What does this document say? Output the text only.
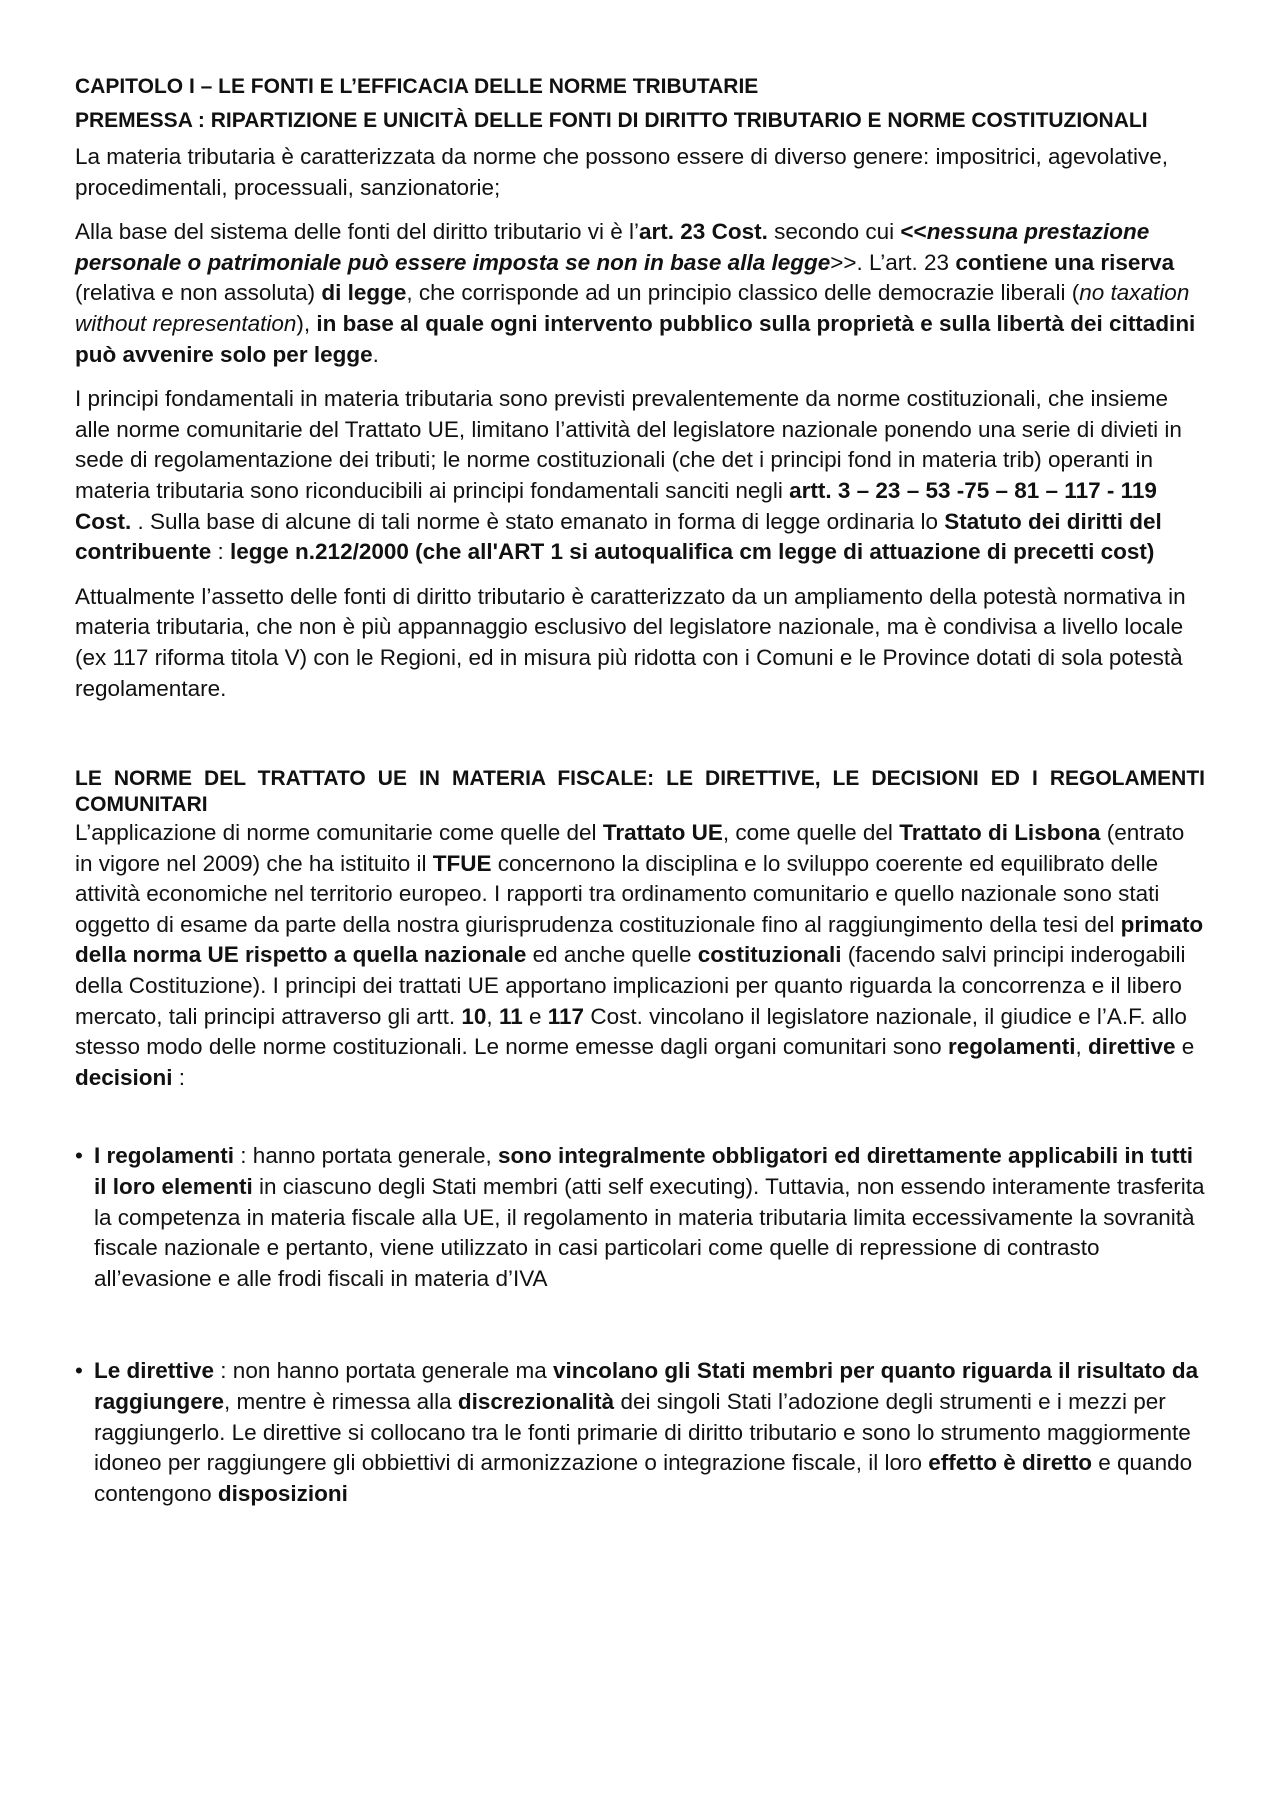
CAPITOLO I – LE FONTI E L’EFFICACIA DELLE NORME TRIBUTARIE
PREMESSA : RIPARTIZIONE E UNICITÀ DELLE FONTI DI DIRITTO TRIBUTARIO E NORME COSTITUZIONALI

La materia tributaria è caratterizzata da norme che possono essere di diverso genere: impositrici, agevolative, procedimentali, processuali, sanzionatorie;

Alla base del sistema delle fonti del diritto tributario vi è l’art. 23 Cost. secondo cui <<nessuna prestazione personale o patrimoniale può essere imposta se non in base alla legge>>. L’art. 23 contiene una riserva (relativa e non assoluta) di legge, che corrisponde ad un principio classico delle democrazie liberali (no taxation without representation), in base al quale ogni intervento pubblico sulla proprietà e sulla libertà dei cittadini può avvenire solo per legge.

I principi fondamentali in materia tributaria sono previsti prevalentemente da norme costituzionali, che insieme alle norme comunitarie del Trattato UE, limitano l’attività del legislatore nazionale ponendo una serie di divieti in sede di regolamentazione dei tributi; le norme costituzionali (che det i principi fond in materia trib) operanti in materia tributaria sono riconducibili ai principi fondamentali sanciti negli artt. 3 – 23 – 53 -75 – 81 – 117 - 119 Cost. . Sulla base di alcune di tali norme è stato emanato in forma di legge ordinaria lo Statuto dei diritti del contribuente : legge n.212/2000 (che all'ART 1 si autoqualifica cm legge di attuazione di precetti cost)

Attualmente l’assetto delle fonti di diritto tributario è caratterizzato da un ampliamento della potestà normativa in materia tributaria, che non è più appannaggio esclusivo del legislatore nazionale, ma è condivisa a livello locale (ex 117 riforma titola V) con le Regioni, ed in misura più ridotta con i Comuni e le Province dotati di sola potestà regolamentare.

LE NORME DEL TRATTATO UE IN MATERIA FISCALE: LE DIRETTIVE, LE DECISIONI ED I REGOLAMENTI COMUNITARI

L’applicazione di norme comunitarie come quelle del Trattato UE, come quelle del Trattato di Lisbona (entrato in vigore nel 2009) che ha istituito il TFUE concernono la disciplina e lo sviluppo coerente ed equilibrato delle attività economiche nel territorio europeo. I rapporti tra ordinamento comunitario e quello nazionale sono stati oggetto di esame da parte della nostra giurisprudenza costituzionale fino al raggiungimento della tesi del primato della norma UE rispetto a quella nazionale ed anche quelle costituzionali (facendo salvi principi inderogabili della Costituzione). I principi dei trattati UE apportano implicazioni per quanto riguarda la concorrenza e il libero mercato, tali principi attraverso gli artt. 10, 11 e 117 Cost. vincolano il legislatore nazionale, il giudice e l’A.F. allo stesso modo delle norme costituzionali. Le norme emesse dagli organi comunitari sono regolamenti, direttive e decisioni :

• I regolamenti : hanno portata generale, sono integralmente obbligatori ed direttamente applicabili in tutti il loro elementi in ciascuno degli Stati membri (atti self executing). Tuttavia, non essendo interamente trasferita la competenza in materia fiscale alla UE, il regolamento in materia tributaria limita eccessivamente la sovranità fiscale nazionale e pertanto, viene utilizzato in casi particolari come quelle di repressione di contrasto all’evasione e alle frodi fiscali in materia d’IVA
• Le direttive : non hanno portata generale ma vincolano gli Stati membri per quanto riguarda il risultato da raggiungere, mentre è rimessa alla discrezionalità dei singoli Stati l’adozione degli strumenti e i mezzi per raggiungerlo. Le direttive si collocano tra le fonti primarie di diritto tributario e sono lo strumento maggiormente idoneo per raggiungere gli obbiettivi di armonizzazione o integrazione fiscale, il loro effetto è diretto e quando contengono disposizioni
